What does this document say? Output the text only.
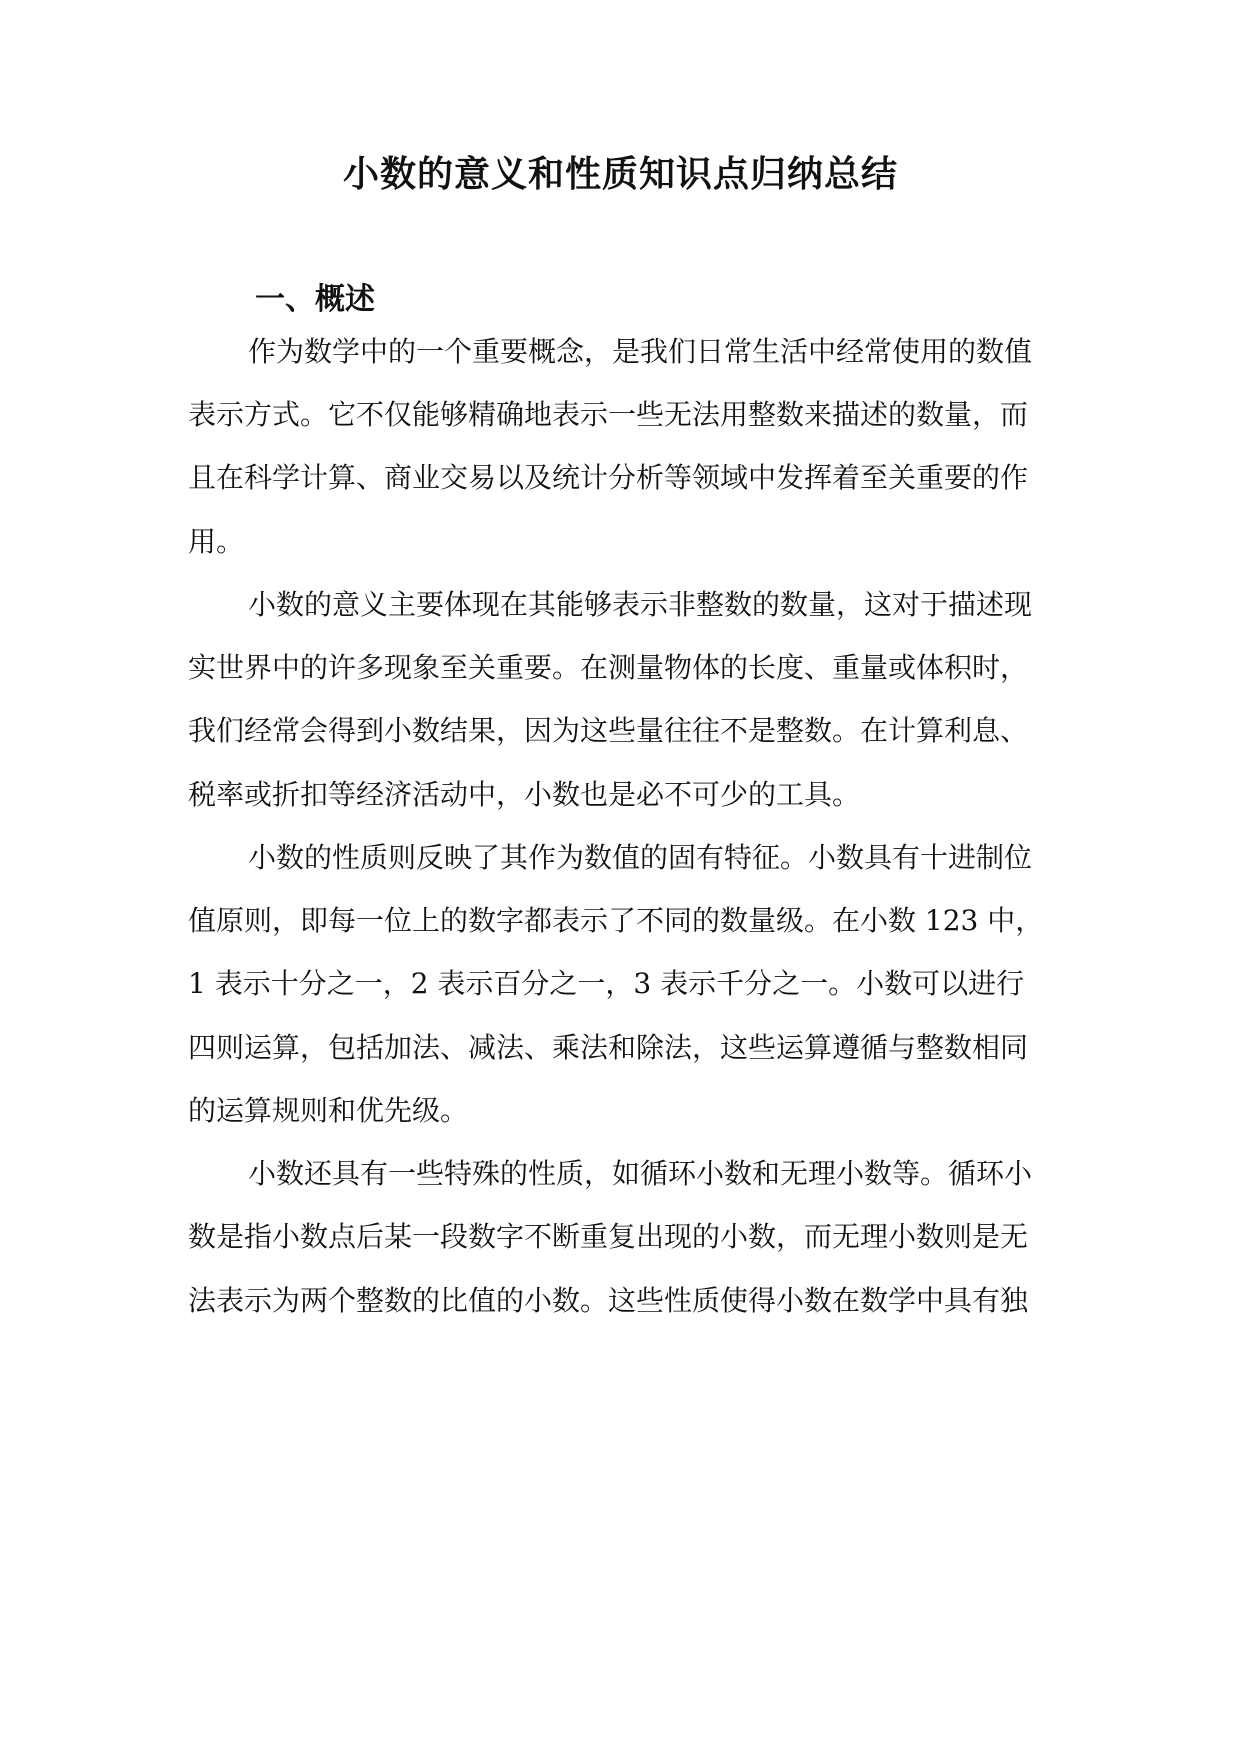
小数的意义和性质知识点归纳总结
一、概述

作为数学中的一个重要概念，是我们日常生活中经常使用的数值

表示方式。它不仅能够精确地表示一些无法用整数来描述的数量，而

且在科学计算、商业交易以及统计分析等领域中发挥着至关重要的作

用。

小数的意义主要体现在其能够表示非整数的数量，这对于描述现

实世界中的许多现象至关重要。在测量物体的长度、重量或体积时，

我们经常会得到小数结果，因为这些量往往不是整数。在计算利息、

税率或折扣等经济活动中，小数也是必不可少的工具。

小数的性质则反映了其作为数值的固有特征。小数具有十进制位

值原则，即每一位上的数字都表示了不同的数量级。在小数 123 中，

1 表示十分之一，2 表示百分之一，3 表示千分之一。小数可以进行

四则运算，包括加法、减法、乘法和除法，这些运算遵循与整数相同

的运算规则和优先级。

小数还具有一些特殊的性质，如循环小数和无理小数等。循环小

数是指小数点后某一段数字不断重复出现的小数，而无理小数则是无

法表示为两个整数的比值的小数。这些性质使得小数在数学中具有独
